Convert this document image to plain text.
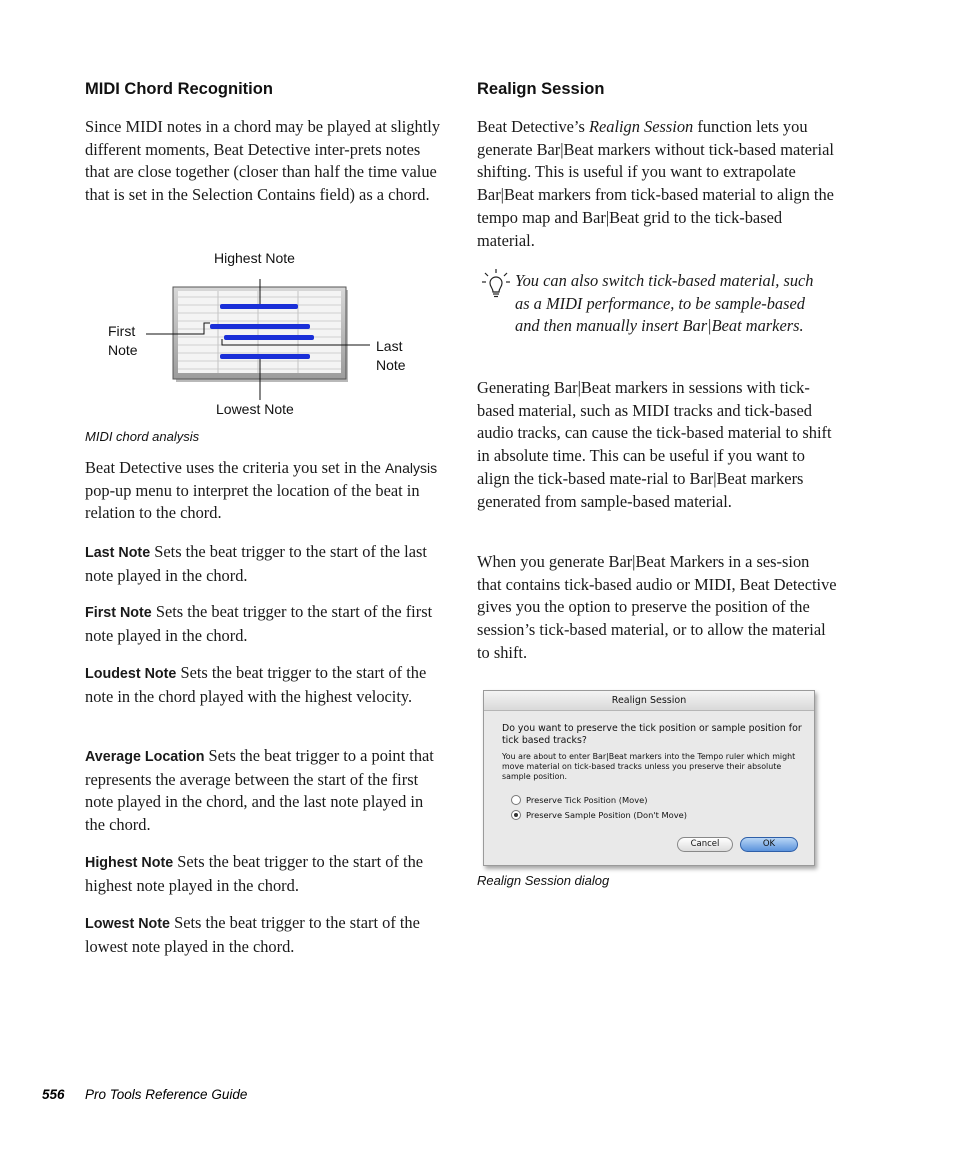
MIDI Chord Recognition

Since MIDI notes in a chord may be played at slightly different moments, Beat Detective inter-prets notes that are close together (closer than half the time value that is set in the Selection Contains field) as a chord.

Highest Note
First
Note	Last
Note
Lowest Note
MIDI chord analysis

Beat Detective uses the criteria you set in the Analysis pop-up menu to interpret the location of the beat in relation to the chord.

Last Note Sets the beat trigger to the start of the last note played in the chord.

First Note Sets the beat trigger to the start of the first note played in the chord.

Loudest Note Sets the beat trigger to the start of the note in the chord played with the highest velocity.

Average Location Sets the beat trigger to a point that represents the average between the start of the first note played in the chord, and the last note played in the chord.

Highest Note Sets the beat trigger to the start of the highest note played in the chord.

Lowest Note Sets the beat trigger to the start of the lowest note played in the chord.

Realign Session

Beat Detective’s Realign Session function lets you generate Bar|Beat markers without tick-based material shifting. This is useful if you want to extrapolate Bar|Beat markers from tick-based material to align the tempo map and Bar|Beat grid to the tick-based material.

You can also switch tick-based material, such as a MIDI performance, to be sample-based and then manually insert Bar|Beat markers.

Generating Bar|Beat markers in sessions with tick-based material, such as MIDI tracks and tick-based audio tracks, can cause the tick-based material to shift in absolute time. This can be useful if you want to align the tick-based mate-rial to Bar|Beat markers generated from sample-based material.

When you generate Bar|Beat Markers in a ses-sion that contains tick-based audio or MIDI, Beat Detective gives you the option to preserve the position of the session’s tick-based material, or to allow the material to shift.

Realign Session
Do you want to preserve the tick position or sample position for tick based tracks?
You are about to enter Bar|Beat markers into the Tempo ruler which might move material on tick-based tracks unless you preserve their absolute sample position.
Preserve Tick Position (Move)
Preserve Sample Position (Don't Move)
Cancel	OK
Realign Session dialog
556 Pro Tools Reference Guide
